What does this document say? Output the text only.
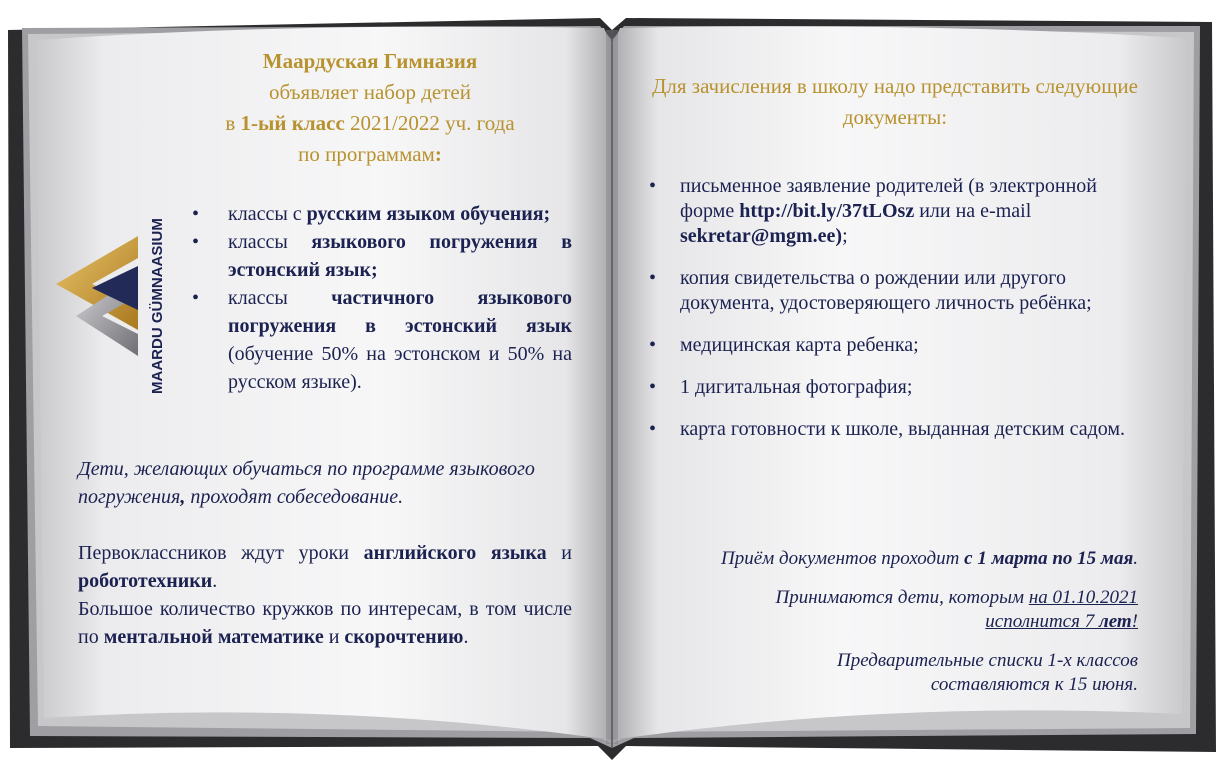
Маардуская Гимназия
объявляет набор детей
в 1-ый класс 2021/2022 уч. года
по программам:
MAARDU GÜMNAASIUM
• классы с русским языком обучения;
• классы языкового погружения в эстонский язык;
• классы частичного языкового погружения в эстонский язык (обучение 50% на эстонском и 50% на русском языке).
Дети, желающих обучаться по программе языкового погружения, проходят собеседование.
Первоклассников ждут уроки английского языка и робототехники.
Большое количество кружков по интересам, в том числе по ментальной математике и скорочтению.
Для зачисления в школу надо представить следующие документы:
• письменное заявление родителей (в электронной форме http://bit.ly/37tLOsz или на e-mail sekretar@mgm.ee);
• копия свидетельства о рождении или другого документа, удостоверяющего личность ребёнка;
• медицинская карта ребенка;
• 1 дигитальная фотография;
• карта готовности к школе, выданная детским садом.
Приём документов проходит с 1 марта по 15 мая.
Принимаются дети, которым на 01.10.2021
исполнится 7 лет!
Предварительные списки 1-х классов
составляются к 15 июня.
